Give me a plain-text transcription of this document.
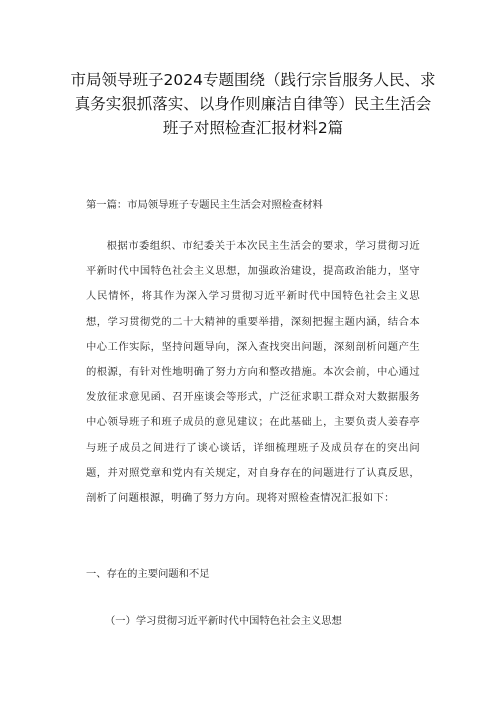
市局领导班子2024专题围绕（践行宗旨服务人民、求真务实狠抓落实、以身作则廉洁自律等）民主生活会班子对照检查汇报材料2篇

第一篇：市局领导班子专题民主生活会对照检查材料

根据市委组织、市纪委关于本次民主生活会的要求，学习贯彻习近平新时代中国特色社会主义思想，加强政治建设，提高政治能力，坚守人民情怀，将其作为深入学习贯彻习近平新时代中国特色社会主义思想，学习贯彻党的二十大精神的重要举措，深刻把握主题内涵，结合本中心工作实际，坚持问题导向，深入查找突出问题，深刻剖析问题产生的根源，有针对性地明确了努力方向和整改措施。本次会前，中心通过发放征求意见函、召开座谈会等形式，广泛征求职工群众对大数据服务中心领导班子和班子成员的意见建议；在此基础上，主要负责人姜春亭与班子成员之间进行了谈心谈话，详细梳理班子及成员存在的突出问题，并对照党章和党内有关规定，对自身存在的问题进行了认真反思，剖析了问题根源，明确了努力方向。现将对照检查情况汇报如下：

一、存在的主要问题和不足

（一）学习贯彻习近平新时代中国特色社会主义思想
